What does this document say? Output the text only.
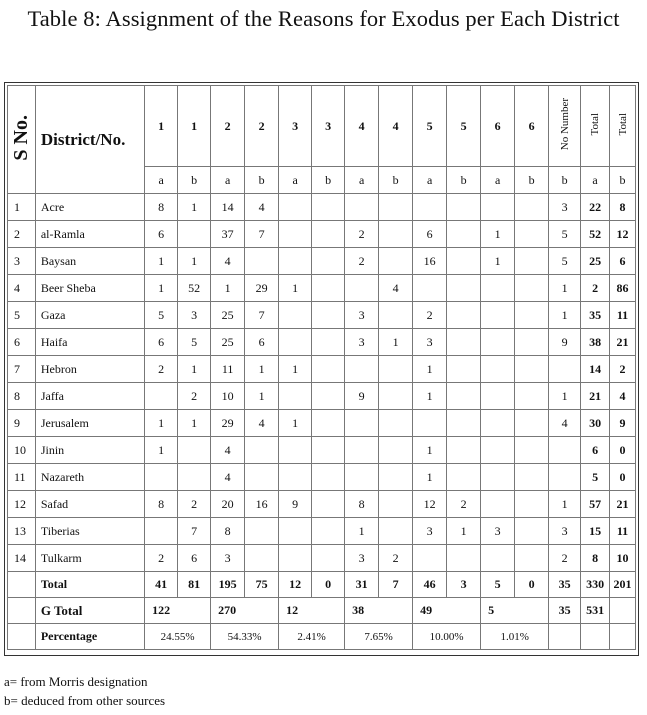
Table 8: Assignment of the Reasons for Exodus per Each District
S No.	District/No.	1	1	2	2	3	3	4	4	5	5	6	6	No Number	Total	Total
		a	b	a	b	a	b	a	b	a	b	a	b	b	a	b
1	Acre	8	1	14	4									3	22	8
2	al-Ramla	6		37	7			2		6		1		5	52	12
3	Baysan	1	1	4				2		16		1		5	25	6
4	Beer Sheba	1	52	1	29	1			4					1	2	86
5	Gaza	5	3	25	7			3		2				1	35	11
6	Haifa	6	5	25	6			3	1	3				9	38	21
7	Hebron	2	1	11	1	1				1					14	2
8	Jaffa		2	10	1			9		1				1	21	4
9	Jerusalem	1	1	29	4	1								4	30	9
10	Jinin	1		4						1					6	0
11	Nazareth			4						1					5	0
12	Safad	8	2	20	16	9		8		12	2			1	57	21
13	Tiberias		7	8				1		3	1	3		3	15	11
14	Tulkarm	2	6	3				3	2					2	8	10
	Total	41	81	195	75	12	0	31	7	46	3	5	0	35	330	201
	G Total	122		270		12		38		49		5		35	531	
	Percentage	24.55%		54.33%		2.41%		7.65%		10.00%		1.01%				
a= from Morris designation
b= deduced from other sources
